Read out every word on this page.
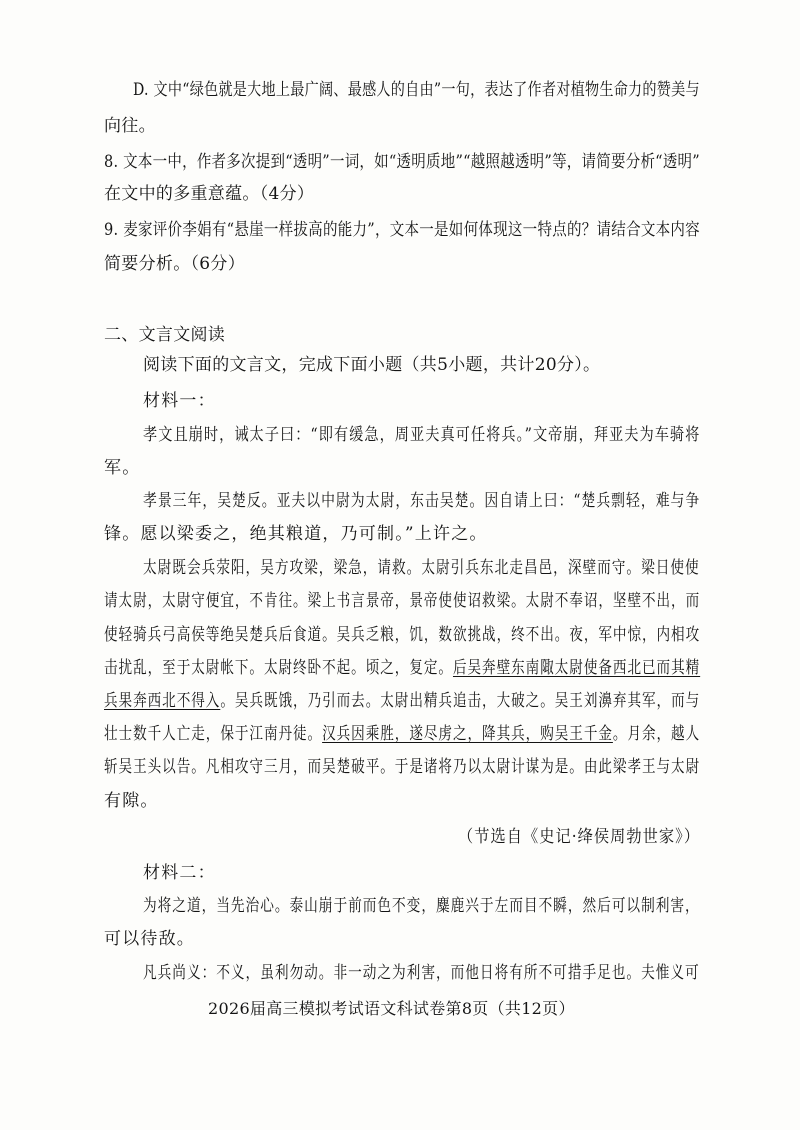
D. 文中“绿色就是大地上最广阔、最感人的自由”一句，表达了作者对植物生命力的赞美与
向往。
8. 文本一中，作者多次提到“透明”一词，如“透明质地”“越照越透明”等，请简要分析“透明”
在文中的多重意蕴。（4分）
9. 麦家评价李娟有“悬崖一样拔高的能力”，文本一是如何体现这一特点的？请结合文本内容
简要分析。（6分）
二、文言文阅读
阅读下面的文言文，完成下面小题（共5小题，共计20分）。
材料一：
孝文且崩时，诫太子曰：“即有缓急，周亚夫真可任将兵。”文帝崩，拜亚夫为车骑将
军。
孝景三年，吴楚反。亚夫以中尉为太尉，东击吴楚。因自请上曰：“楚兵剽轻，难与争
锋。愿以梁委之，绝其粮道，乃可制。”上许之。
太尉既会兵荥阳，吴方攻梁，梁急，请救。太尉引兵东北走昌邑，深壁而守。梁日使使
请太尉，太尉守便宜，不肯往。梁上书言景帝，景帝使使诏救梁。太尉不奉诏，坚壁不出，而
使轻骑兵弓高侯等绝吴楚兵后食道。吴兵乏粮，饥，数欲挑战，终不出。夜，军中惊，内相攻
击扰乱，至于太尉帐下。太尉终卧不起。顷之，复定。后吴奔壁东南陬太尉使备西北已而其精
兵果奔西北不得入。吴兵既饿，乃引而去。太尉出精兵追击，大破之。吴王刘濞弃其军，而与
壮士数千人亡走，保于江南丹徒。汉兵因乘胜，遂尽虏之，降其兵，购吴王千金。月余，越人
斩吴王头以告。凡相攻守三月，而吴楚破平。于是诸将乃以太尉计谋为是。由此梁孝王与太尉
有隙。
（节选自《史记·绛侯周勃世家》）
材料二：
为将之道，当先治心。泰山崩于前而色不变，麋鹿兴于左而目不瞬，然后可以制利害，
可以待敌。
凡兵尚义：不义，虽利勿动。非一动之为利害，而他日将有所不可措手足也。夫惟义可
2026届高三模拟考试语文科试卷第8页（共12页）
